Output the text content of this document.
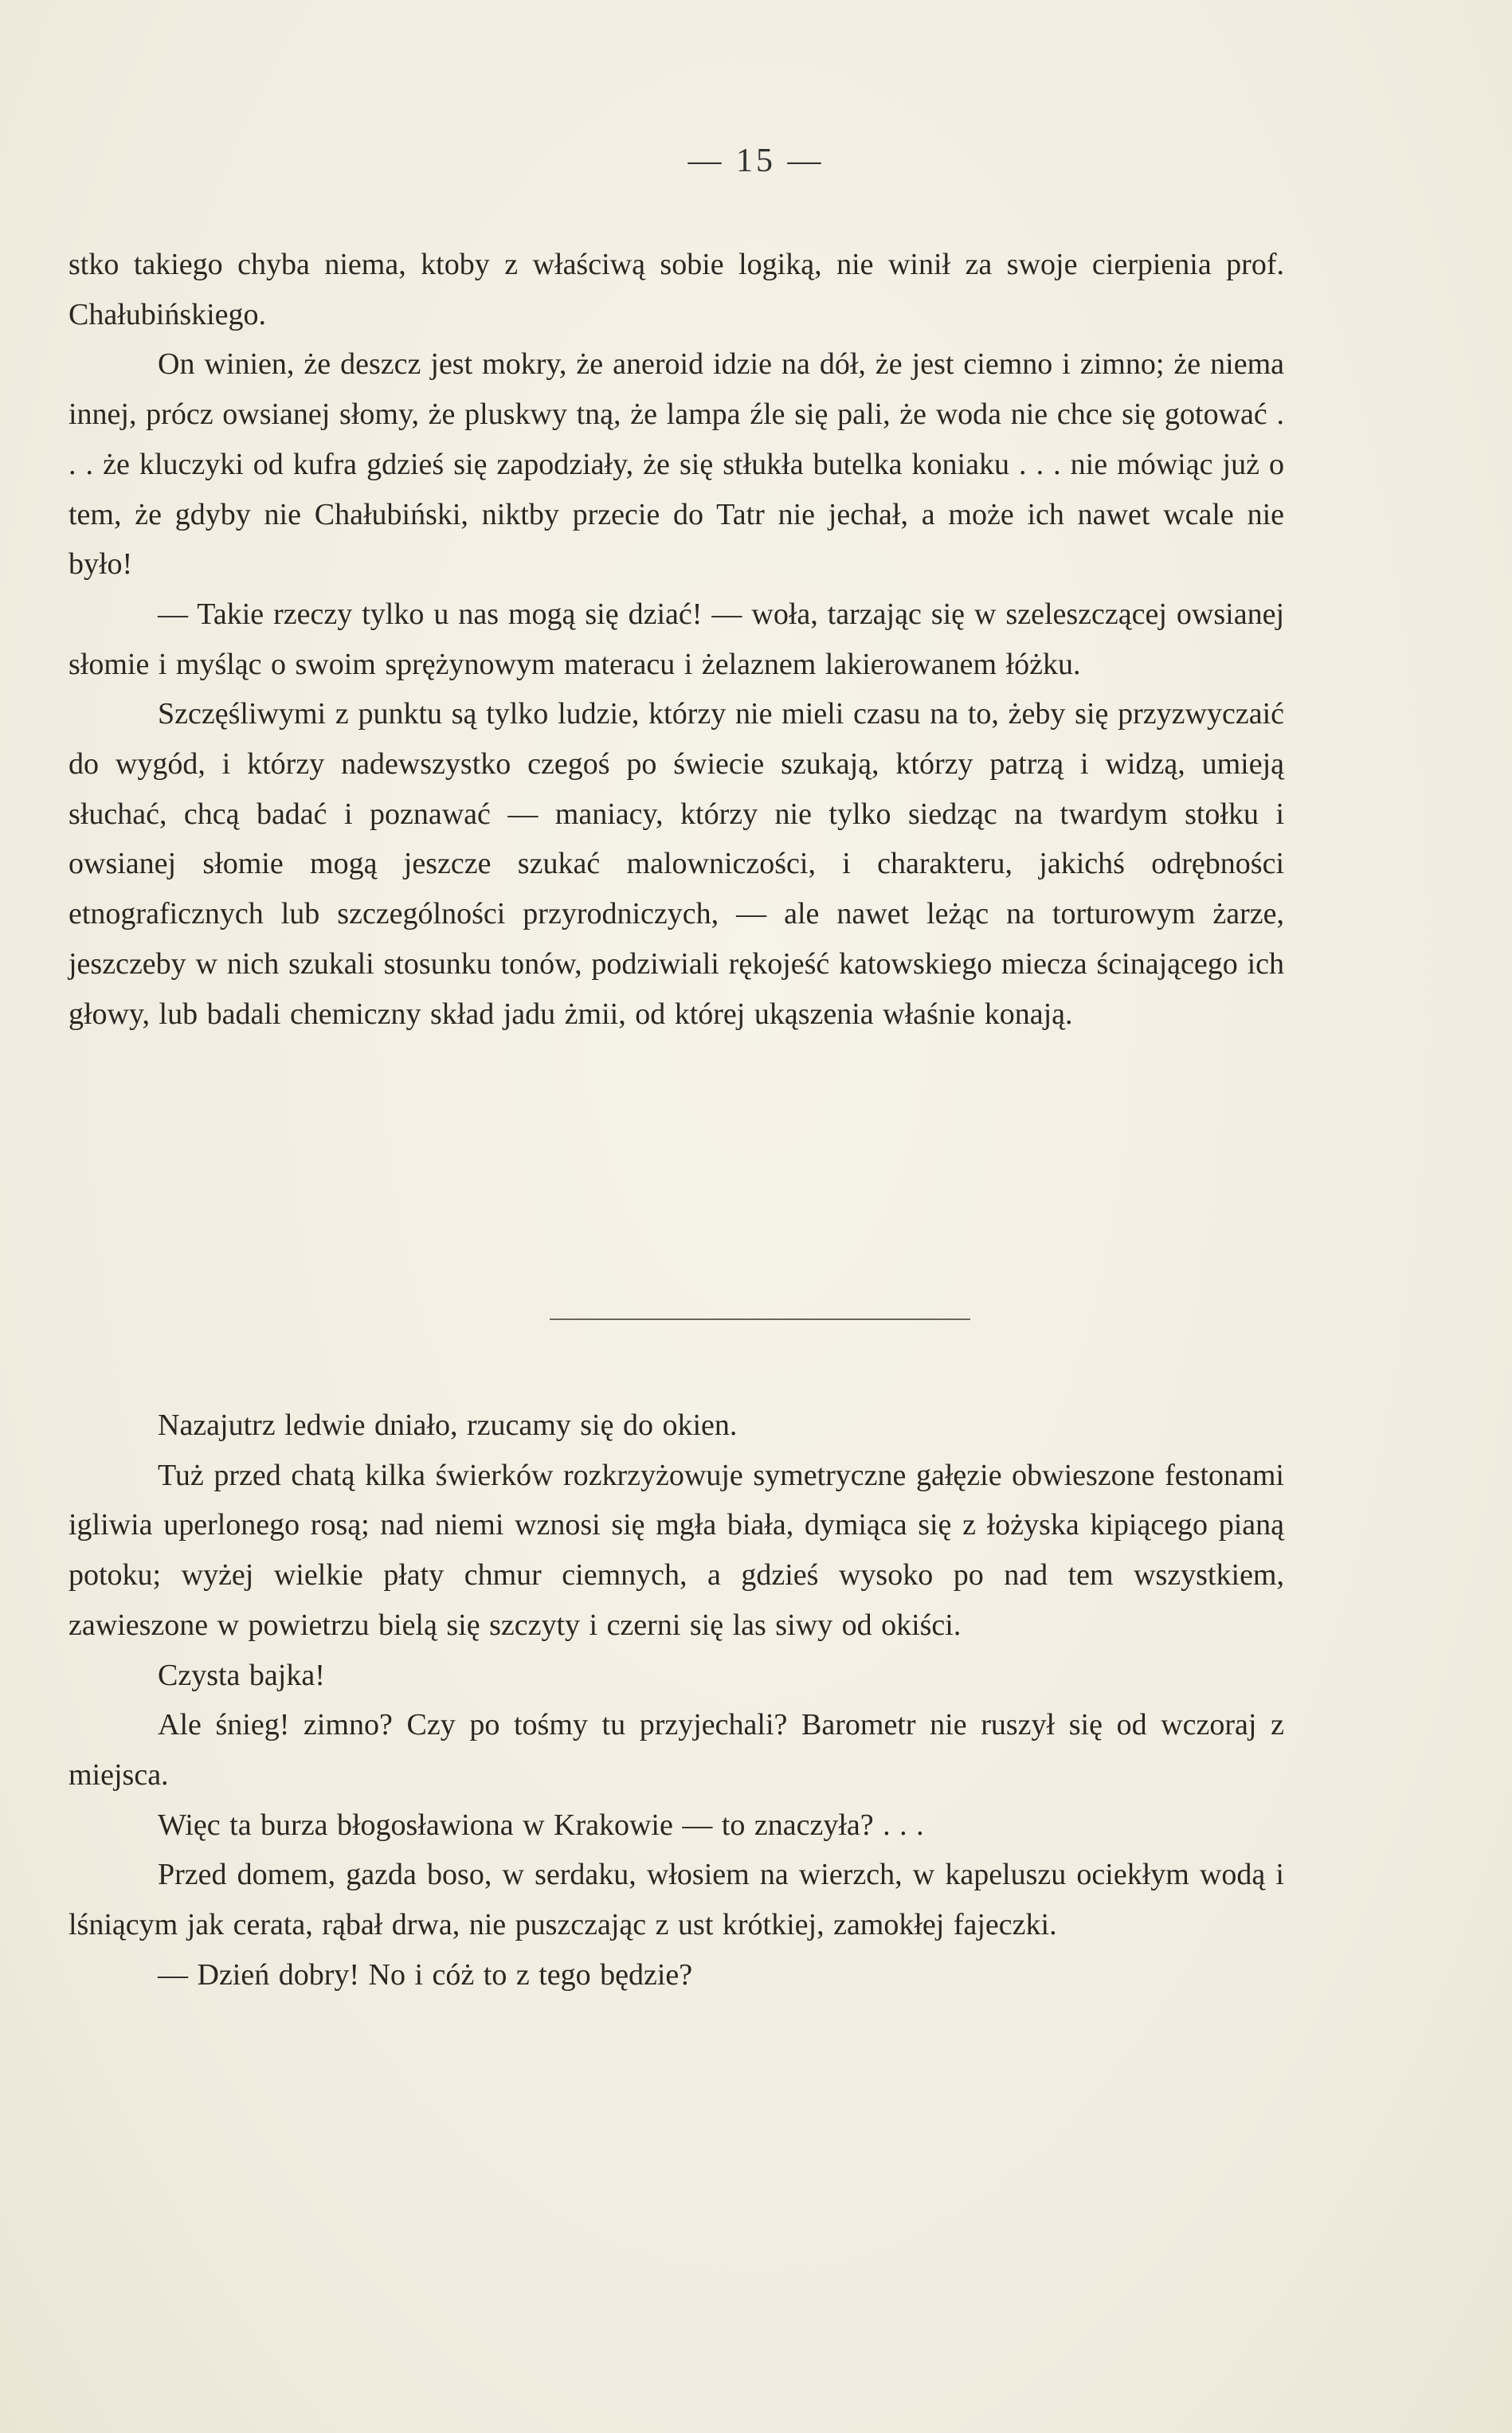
— 15 —

stko takiego chyba niema, ktoby z właściwą sobie logiką, nie winił za swoje cierpienia prof. Chałubińskiego.

On winien, że deszcz jest mokry, że aneroid idzie na dół, że jest ciemno i zimno; że niema innej, prócz owsianej słomy, że pluskwy tną, że lampa źle się pali, że woda nie chce się gotować . . . że kluczyki od kufra gdzieś się zapodziały, że się stłukła butelka koniaku . . . nie mówiąc już o tem, że gdyby nie Chałubiński, niktby przecie do Tatr nie jechał, a może ich nawet wcale nie było!

— Takie rzeczy tylko u nas mogą się dziać! — woła, tarzając się w szeleszczącej owsianej słomie i myśląc o swoim sprężynowym materacu i żelaznem lakierowanem łóżku.

Szczęśliwymi z punktu są tylko ludzie, którzy nie mieli czasu na to, żeby się przyzwyczaić do wygód, i którzy nadewszystko czegoś po świecie szukają, którzy patrzą i widzą, umieją słuchać, chcą badać i poznawać — maniacy, którzy nie tylko siedząc na twardym stołku i owsianej słomie mogą jeszcze szukać malowniczości, i charakteru, jakichś odrębności etnograficznych lub szczególności przyrodniczych, — ale nawet leżąc na torturowym żarze, jeszczeby w nich szukali stosunku tonów, podziwiali rękojeść katowskiego miecza ścinającego ich głowy, lub badali chemiczny skład jadu żmii, od której ukąszenia właśnie konają.

Nazajutrz ledwie dniało, rzucamy się do okien.

Tuż przed chatą kilka świerków rozkrzyżowuje symetryczne gałęzie obwieszone festonami igliwia uperlonego rosą; nad niemi wznosi się mgła biała, dymiąca się z łożyska kipiącego pianą potoku; wyżej wielkie płaty chmur ciemnych, a gdzieś wysoko po nad tem wszystkiem, zawieszone w powietrzu bielą się szczyty i czerni się las siwy od okiści.

Czysta bajka!

Ale śnieg! zimno? Czy po tośmy tu przyjechali? Barometr nie ruszył się od wczoraj z miejsca.

Więc ta burza błogosławiona w Krakowie — to znaczyła? . . .

Przed domem, gazda boso, w serdaku, włosiem na wierzch, w kapeluszu ociekłym wodą i lśniącym jak cerata, rąbał drwa, nie puszczając z ust krótkiej, zamokłej fajeczki.

— Dzień dobry! No i cóż to z tego będzie?
